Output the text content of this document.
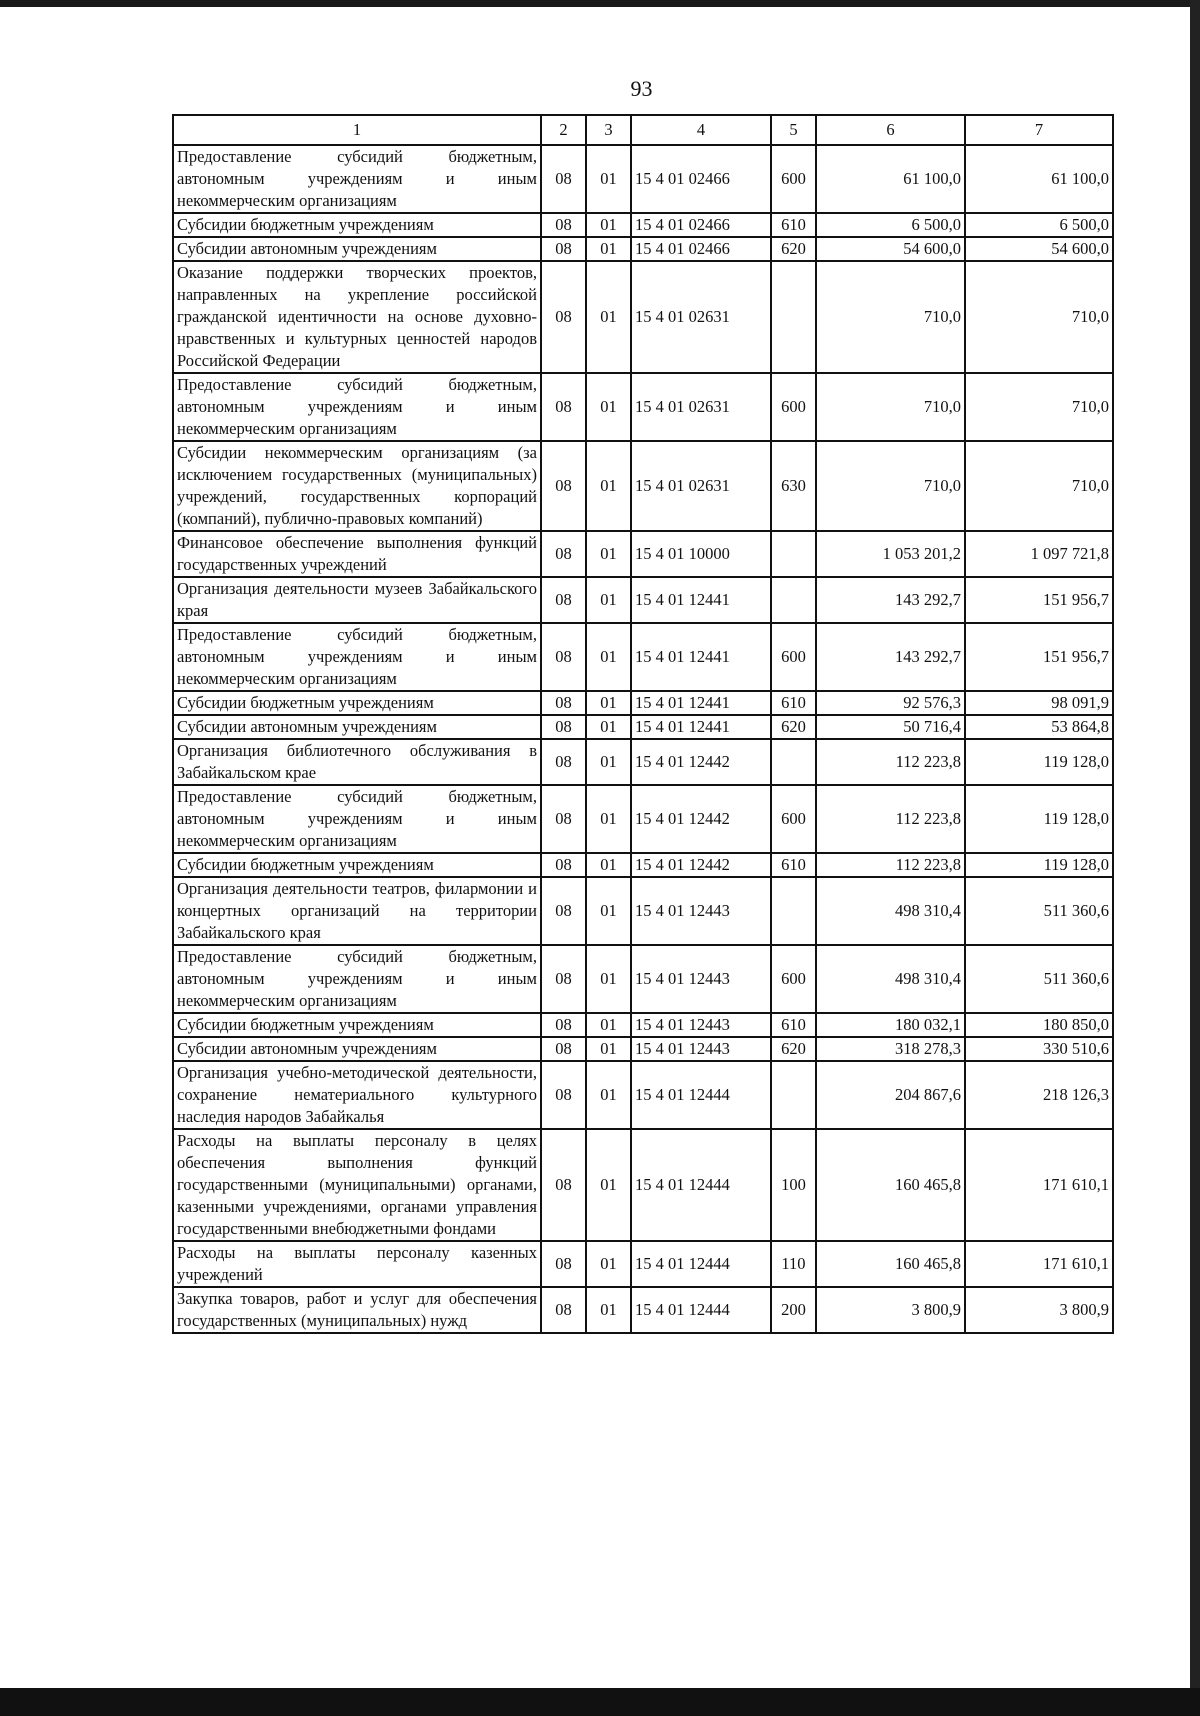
93
1	2	3	4	5	6	7
Предоставление субсидий бюджетным, автономным учреждениям и иным некоммерческим организациям	08	01	15 4 01 02466	600	61 100,0	61 100,0
Субсидии бюджетным учреждениям	08	01	15 4 01 02466	610	6 500,0	6 500,0
Субсидии автономным учреждениям	08	01	15 4 01 02466	620	54 600,0	54 600,0
Оказание поддержки творческих проектов, направленных на укрепление российской гражданской идентичности на основе духовно-нравственных и культурных ценностей народов Российской Федерации	08	01	15 4 01 02631		710,0	710,0
Предоставление субсидий бюджетным, автономным учреждениям и иным некоммерческим организациям	08	01	15 4 01 02631	600	710,0	710,0
Субсидии некоммерческим организациям (за исключением государственных (муниципальных) учреждений, государственных корпораций (компаний), публично-правовых компаний)	08	01	15 4 01 02631	630	710,0	710,0
Финансовое обеспечение выполнения функций государственных учреждений	08	01	15 4 01 10000		1 053 201,2	1 097 721,8
Организация деятельности музеев Забайкальского края	08	01	15 4 01 12441		143 292,7	151 956,7
Предоставление субсидий бюджетным, автономным учреждениям и иным некоммерческим организациям	08	01	15 4 01 12441	600	143 292,7	151 956,7
Субсидии бюджетным учреждениям	08	01	15 4 01 12441	610	92 576,3	98 091,9
Субсидии автономным учреждениям	08	01	15 4 01 12441	620	50 716,4	53 864,8
Организация библиотечного обслуживания в Забайкальском крае	08	01	15 4 01 12442		112 223,8	119 128,0
Предоставление субсидий бюджетным, автономным учреждениям и иным некоммерческим организациям	08	01	15 4 01 12442	600	112 223,8	119 128,0
Субсидии бюджетным учреждениям	08	01	15 4 01 12442	610	112 223,8	119 128,0
Организация деятельности театров, филармонии и концертных организаций на территории Забайкальского края	08	01	15 4 01 12443		498 310,4	511 360,6
Предоставление субсидий бюджетным, автономным учреждениям и иным некоммерческим организациям	08	01	15 4 01 12443	600	498 310,4	511 360,6
Субсидии бюджетным учреждениям	08	01	15 4 01 12443	610	180 032,1	180 850,0
Субсидии автономным учреждениям	08	01	15 4 01 12443	620	318 278,3	330 510,6
Организация учебно-методической деятельности, сохранение нематериального культурного наследия народов Забайкалья	08	01	15 4 01 12444		204 867,6	218 126,3
Расходы на выплаты персоналу в целях обеспечения выполнения функций государственными (муниципальными) органами, казенными учреждениями, органами управления государственными внебюджетными фондами	08	01	15 4 01 12444	100	160 465,8	171 610,1
Расходы на выплаты персоналу казенных учреждений	08	01	15 4 01 12444	110	160 465,8	171 610,1
Закупка товаров, работ и услуг для обеспечения государственных (муниципальных) нужд	08	01	15 4 01 12444	200	3 800,9	3 800,9
